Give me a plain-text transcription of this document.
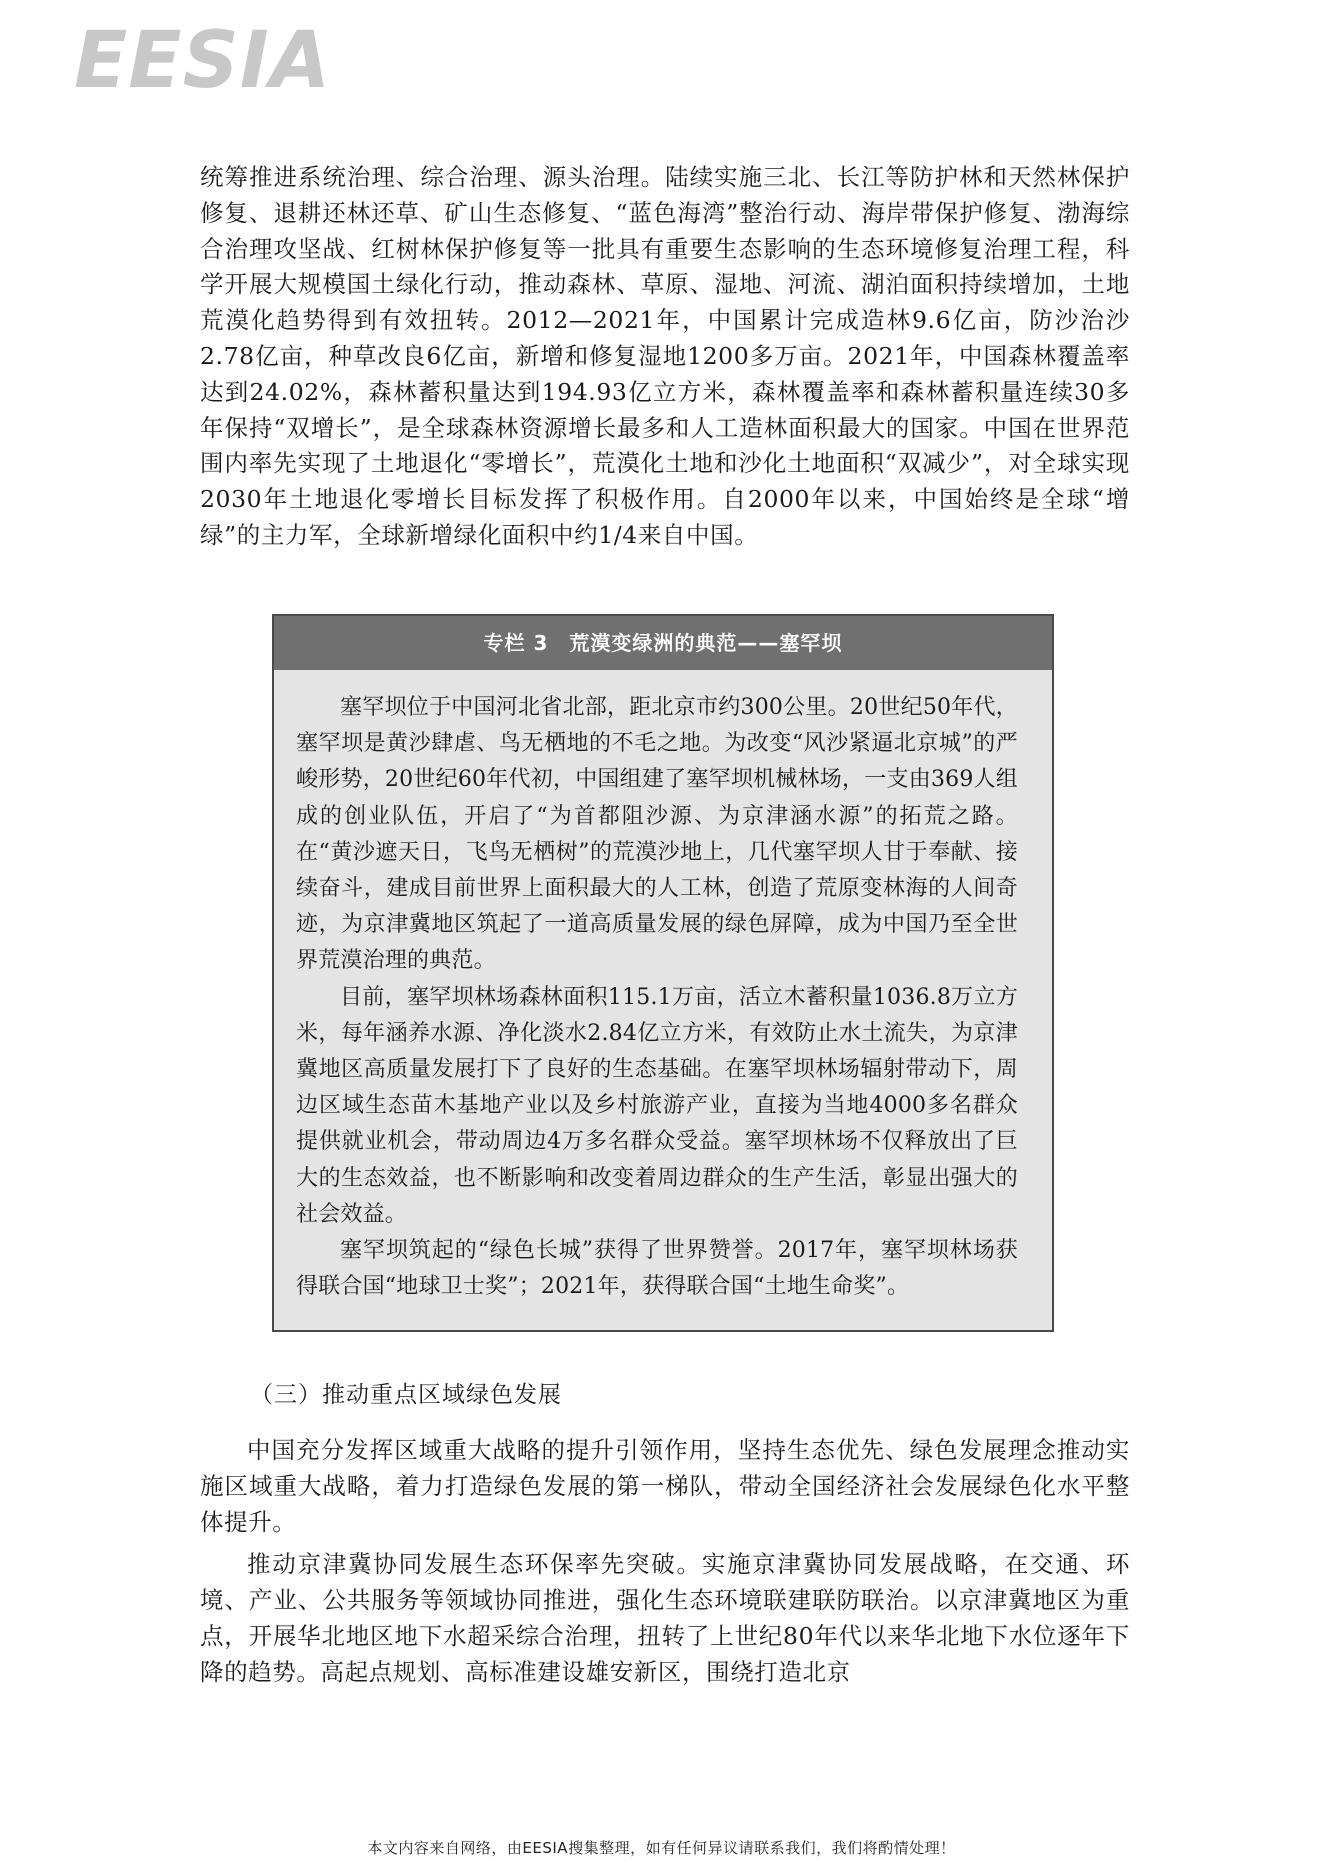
EESIA

统筹推进系统治理、综合治理、源头治理。陆续实施三北、长江等防护林和天然林保护修复、退耕还林还草、矿山生态修复、“蓝色海湾”整治行动、海岸带保护修复、渤海综合治理攻坚战、红树林保护修复等一批具有重要生态影响的生态环境修复治理工程，科学开展大规模国土绿化行动，推动森林、草原、湿地、河流、湖泊面积持续增加，土地荒漠化趋势得到有效扭转。2012—2021年，中国累计完成造林9.6亿亩，防沙治沙2.78亿亩，种草改良6亿亩，新增和修复湿地1200多万亩。2021年，中国森林覆盖率达到24.02%，森林蓄积量达到194.93亿立方米，森林覆盖率和森林蓄积量连续30多年保持“双增长”，是全球森林资源增长最多和人工造林面积最大的国家。中国在世界范围内率先实现了土地退化“零增长”，荒漠化土地和沙化土地面积“双减少”，对全球实现2030年土地退化零增长目标发挥了积极作用。自2000年以来，中国始终是全球“增绿”的主力军，全球新增绿化面积中约1/4来自中国。

专栏 3　荒漠变绿洲的典范——塞罕坝

塞罕坝位于中国河北省北部，距北京市约300公里。20世纪50年代，塞罕坝是黄沙肆虐、鸟无栖地的不毛之地。为改变“风沙紧逼北京城”的严峻形势，20世纪60年代初，中国组建了塞罕坝机械林场，一支由369人组成的创业队伍，开启了“为首都阻沙源、为京津涵水源”的拓荒之路。在“黄沙遮天日，飞鸟无栖树”的荒漠沙地上，几代塞罕坝人甘于奉献、接续奋斗，建成目前世界上面积最大的人工林，创造了荒原变林海的人间奇迹，为京津冀地区筑起了一道高质量发展的绿色屏障，成为中国乃至全世界荒漠治理的典范。

目前，塞罕坝林场森林面积115.1万亩，活立木蓄积量1036.8万立方米，每年涵养水源、净化淡水2.84亿立方米，有效防止水土流失，为京津冀地区高质量发展打下了良好的生态基础。在塞罕坝林场辐射带动下，周边区域生态苗木基地产业以及乡村旅游产业，直接为当地4000多名群众提供就业机会，带动周边4万多名群众受益。塞罕坝林场不仅释放出了巨大的生态效益，也不断影响和改变着周边群众的生产生活，彰显出强大的社会效益。

塞罕坝筑起的“绿色长城”获得了世界赞誉。2017年，塞罕坝林场获得联合国“地球卫士奖”；2021年，获得联合国“土地生命奖”。

（三）推动重点区域绿色发展

中国充分发挥区域重大战略的提升引领作用，坚持生态优先、绿色发展理念推动实施区域重大战略，着力打造绿色发展的第一梯队，带动全国经济社会发展绿色化水平整体提升。

推动京津冀协同发展生态环保率先突破。实施京津冀协同发展战略，在交通、环境、产业、公共服务等领域协同推进，强化生态环境联建联防联治。以京津冀地区为重点，开展华北地区地下水超采综合治理，扭转了上世纪80年代以来华北地下水位逐年下降的趋势。高起点规划、高标准建设雄安新区，围绕打造北京

本文内容来自网络，由EESIA搜集整理，如有任何异议请联系我们，我们将酌情处理！
